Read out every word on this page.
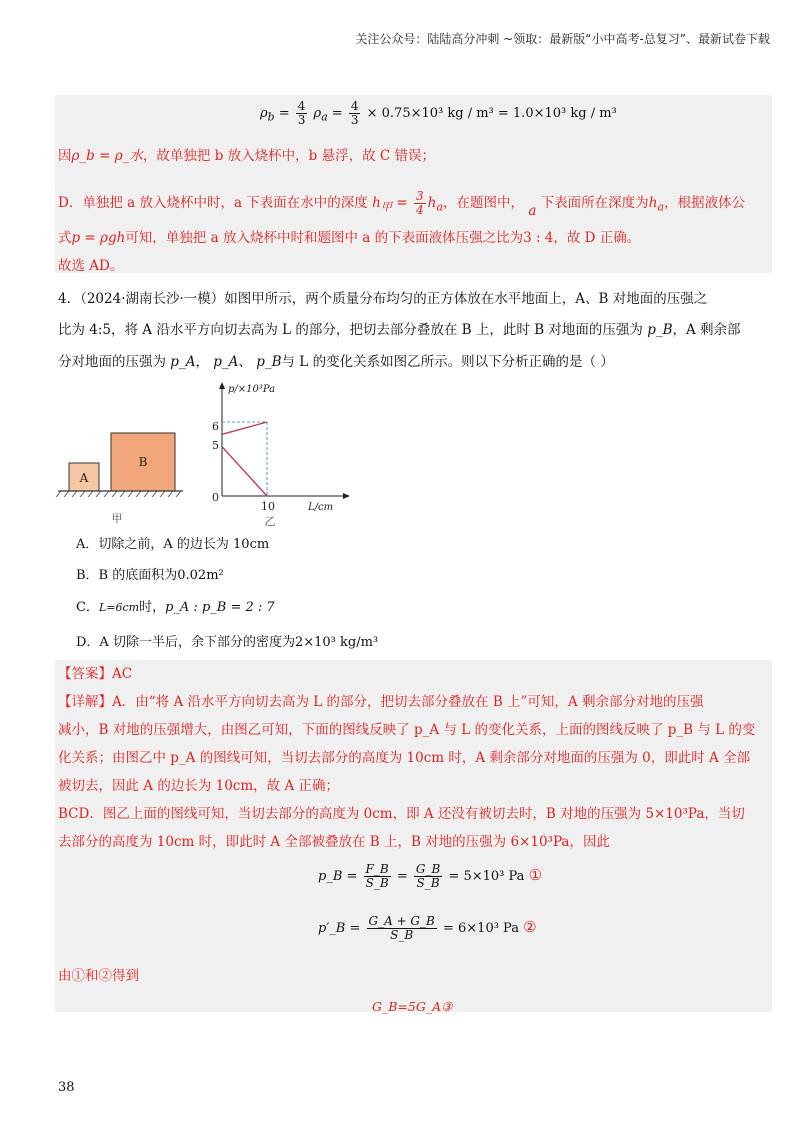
关注公众号：陆陆高分冲刺 ~领取：最新版“小中高考-总复习”、最新试卷下载
$\rho_b = \frac{4}{3} \rho_a = \frac{4}{3} \times 0.75\times 10^3$ kg / m³ = 1.0×10³ kg / m³
因ρ_b = ρ_水，故单独把 b 放入烧杯中，b 悬浮，故 C 错误；
D．单独把 a 放入烧杯中时，a 下表面在水中的深度 $h_甲 = \frac{3}{4} h_a$，在题图中， a 下表面所在深度为$h_a$，根据液体公
式p = ρgh可知，单独把 a 放入烧杯中时和题图中 a 的下表面液体压强之比为3 : 4，故 D 正确。
故选 AD。
4．（2024·湖南长沙·一模）如图甲所示，两个质量分布均匀的正方体放在水平地面上，A、B 对地面的压强之
比为 4:5，将 A 沿水平方向切去高为 L 的部分，把切去部分叠放在 B 上，此时 B 对地面的压强为 p_B，A 剩余部
分对地面的压强为 p_A， p_A、 p_B与 L 的变化关系如图乙所示。则以下分析正确的是（ ）
A
B
甲
p/×10³Pa
L/cm
6
5
0
10
乙
A．切除之前，A 的边长为 10cm
B．B 的底面积为0.02m²
C．L=6cm时，p_A : p_B = 2 : 7
D．A 切除一半后，余下部分的密度为2×10³ kg/m³
【答案】AC
【详解】A．由“将 A 沿水平方向切去高为 L 的部分，把切去部分叠放在 B 上”可知，A 剩余部分对地的压强
减小，B 对地的压强增大，由图乙可知，下面的图线反映了 p_A 与 L 的变化关系，上面的图线反映了 p_B 与 L 的变
化关系；由图乙中 p_A 的图线可知，当切去部分的高度为 10cm 时，A 剩余部分对地面的压强为 0，即此时 A 全部
被切去，因此 A 的边长为 10cm，故 A 正确；
BCD．图乙上面的图线可知，当切去部分的高度为 0cm，即 A 还没有被切去时，B 对地的压强为 5×10³Pa，当切
去部分的高度为 10cm 时，即此时 A 全部被叠放在 B 上，B 对地的压强为 6×10³Pa，因此
p_B = $\frac{F\_B}{S\_B} = \frac{G\_B}{S\_B} = 5\times 10^3$ Pa ①
p′_B = $\frac{G\_A + G\_B}{S\_B} = 6\times 10^3$ Pa ②
由①和②得到
G_B=5G_A③
38
